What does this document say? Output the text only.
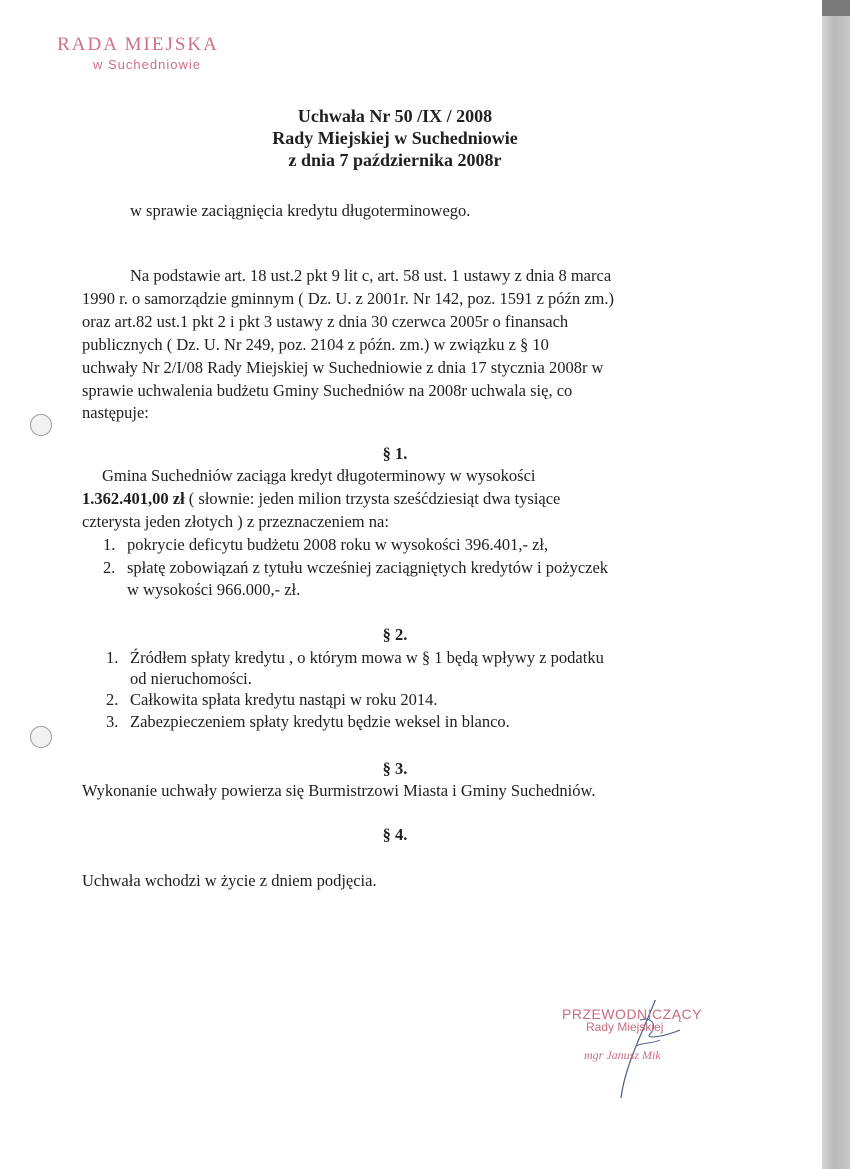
RADA MIEJSKA
w Suchedniowie
Uchwała Nr 50 /IX / 2008
Rady Miejskiej w Suchedniowie
z dnia 7 października 2008r
w sprawie zaciągnięcia kredytu długoterminowego.
Na podstawie art. 18 ust.2 pkt 9 lit c, art. 58 ust. 1 ustawy z dnia 8 marca
1990 r. o samorządzie gminnym ( Dz. U. z 2001r. Nr 142, poz. 1591 z późn zm.)
oraz art.82 ust.1 pkt 2 i pkt 3 ustawy z dnia 30 czerwca 2005r o finansach
publicznych ( Dz. U. Nr 249, poz. 2104 z późn. zm.) w związku z § 10
uchwały Nr 2/I/08 Rady Miejskiej w Suchedniowie z dnia 17 stycznia 2008r w
sprawie uchwalenia budżetu Gminy Suchedniów na 2008r uchwala się, co
następuje:
§ 1.
Gmina Suchedniów zaciąga kredyt długoterminowy w wysokości
1.362.401,00 zł ( słownie: jeden milion trzysta sześćdziesiąt dwa tysiące
czterysta jeden złotych ) z przeznaczeniem na:
1. pokrycie deficytu budżetu 2008 roku w wysokości 396.401,- zł,
2. spłatę zobowiązań z tytułu wcześniej zaciągniętych kredytów i pożyczek
w wysokości 966.000,- zł.
§ 2.
1. Źródłem spłaty kredytu , o którym mowa w § 1 będą wpływy z podatku
od nieruchomości.
2. Całkowita spłata kredytu nastąpi w roku 2014.
3. Zabezpieczeniem spłaty kredytu będzie weksel in blanco.
§ 3.
Wykonanie uchwały powierza się Burmistrzowi Miasta i Gminy Suchedniów.
§ 4.
Uchwała wchodzi w życie z dniem podjęcia.
PRZEWODNICZĄCY
Rady Miejskiej
mgr Janusz Mik
